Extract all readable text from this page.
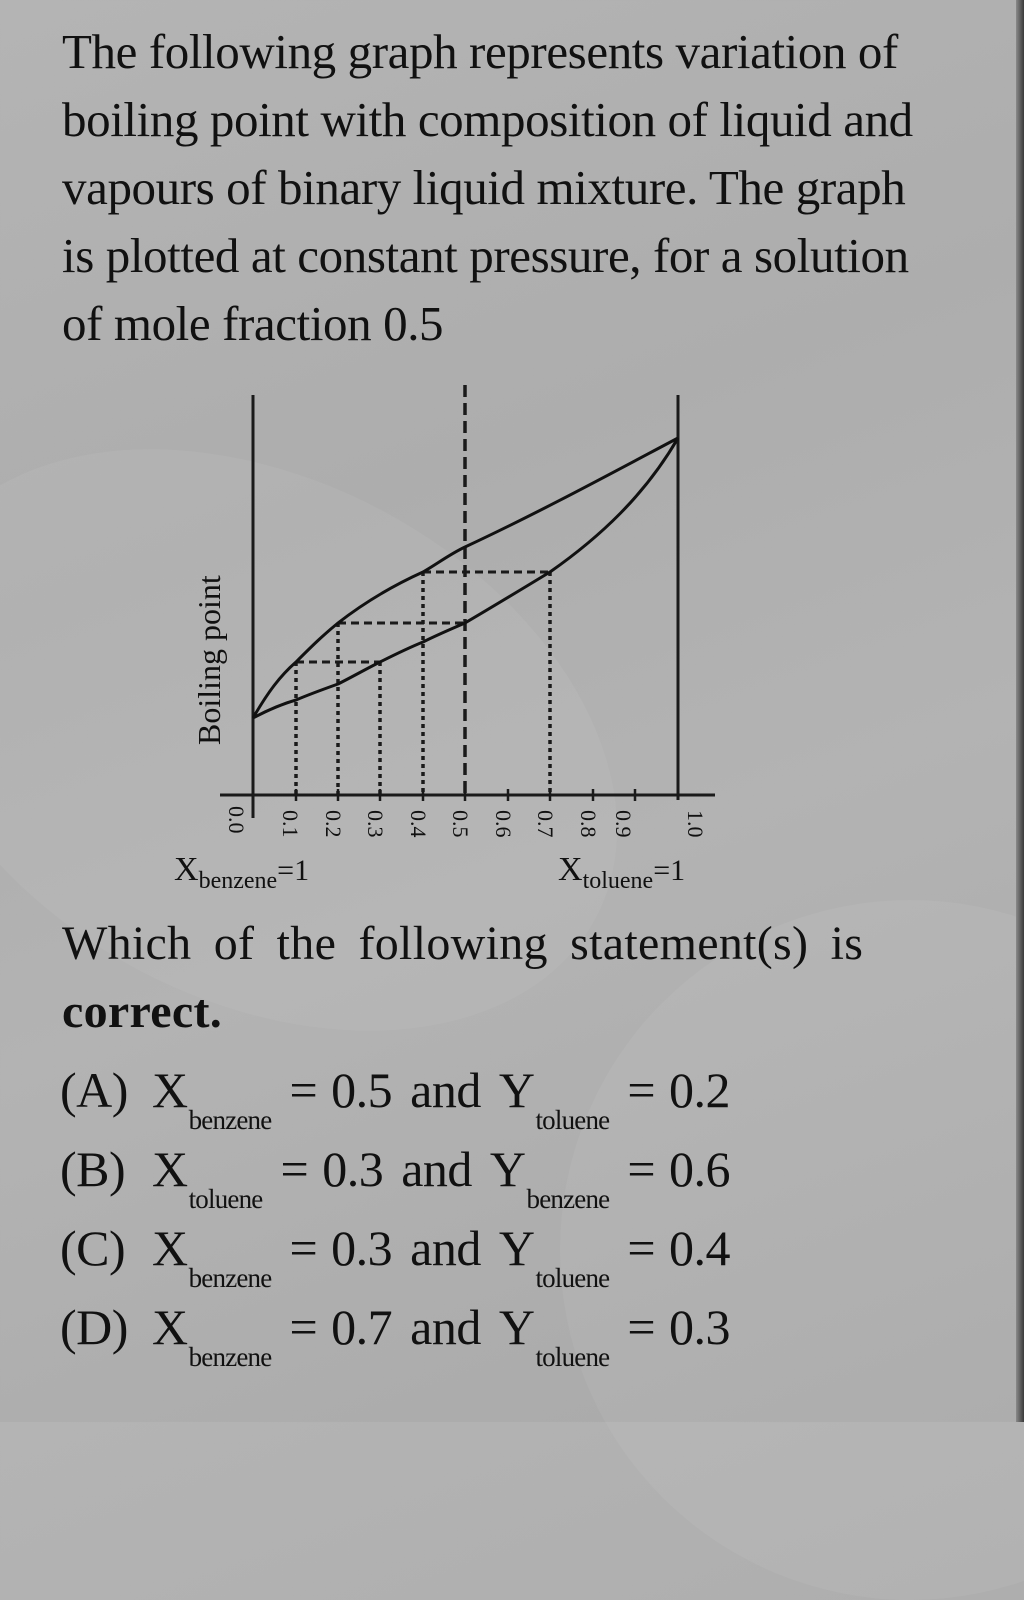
The following graph represents variation of
boiling point with composition of liquid and
vapours of binary liquid mixture. The graph
is plotted at constant pressure, for a solution
of mole fraction 0.5
Boiling point
0.0 0.1 0.2 0.3 0.4 0.5 0.6 0.7 0.8 0.9 1.0
$X_{benzene}=1$	$X_{toluene}=1$
Which of the following statement(s) is
correct.
(A) X
benzene
= 0.5 and Y
toluene
= 0.2
(B) X
toluene
= 0.3 and Y
benzene
= 0.6
(C) X
benzene
= 0.3 and Y
toluene
= 0.4
(D) X
benzene
= 0.7 and Y
toluene
= 0.3
